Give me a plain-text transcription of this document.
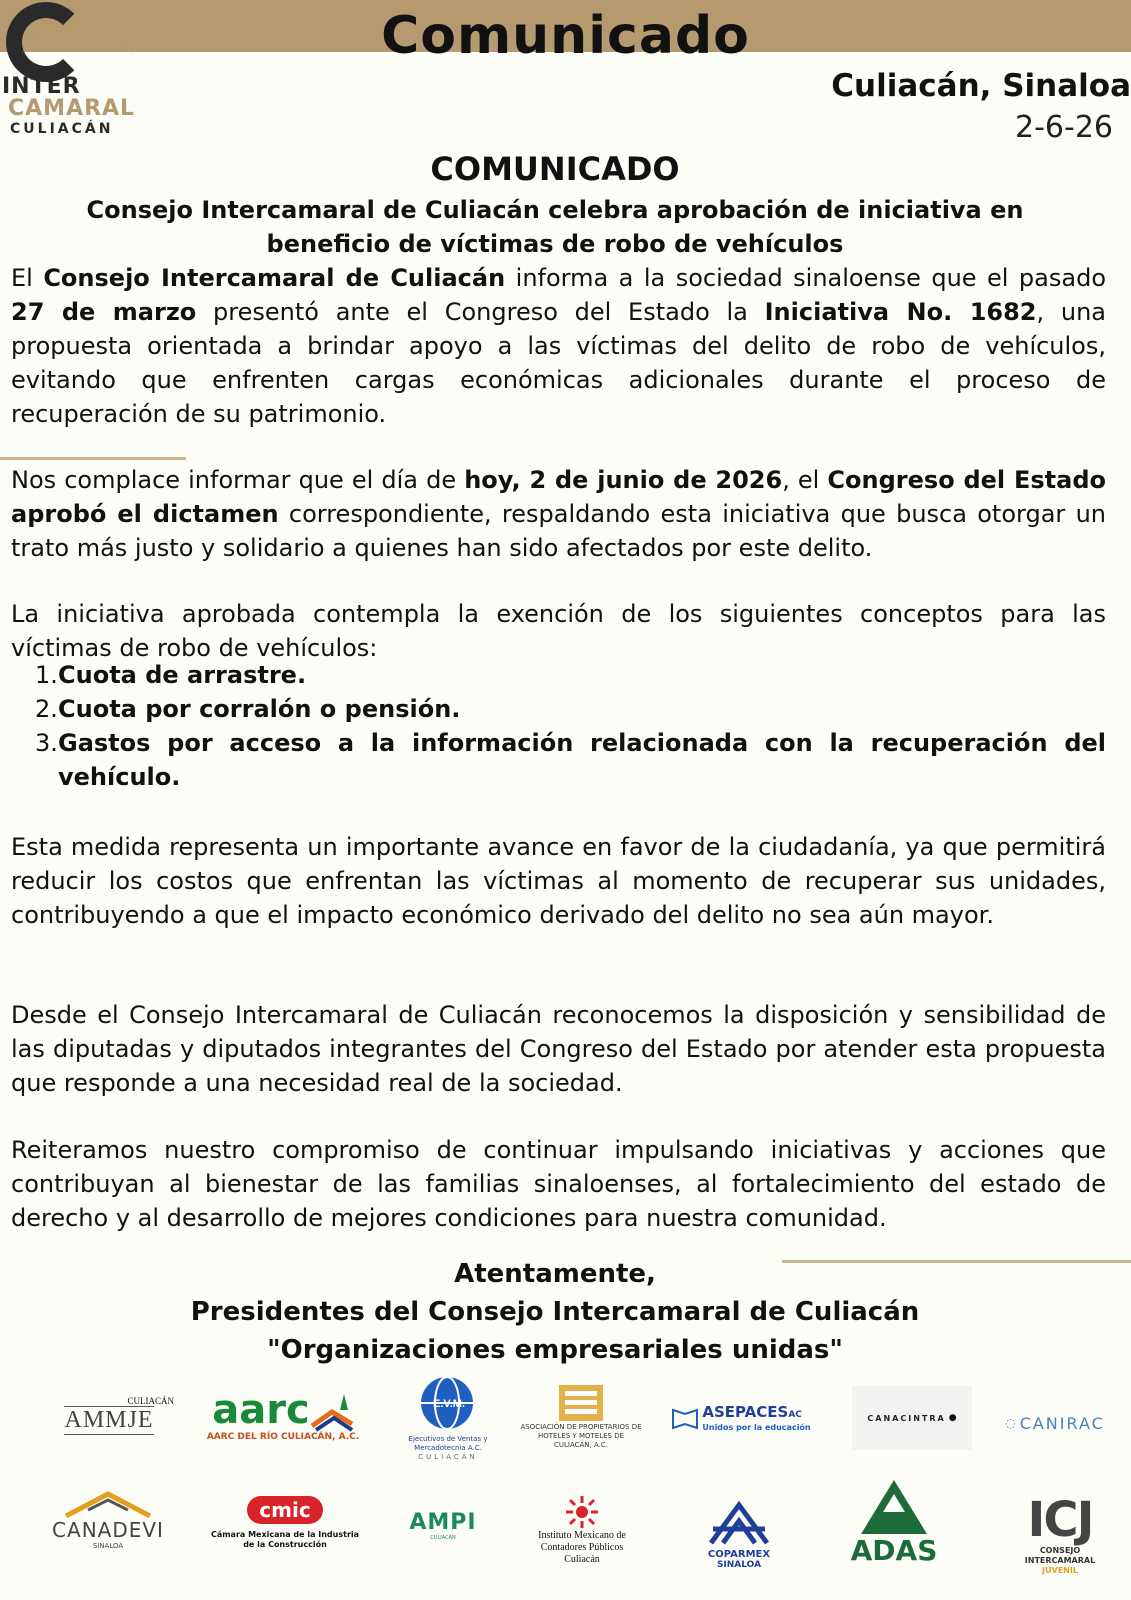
Comunicado
INTER
CAMARAL
CULIACÁN
Culiacán, Sinaloa
2-6-26
COMUNICADO
Consejo Intercamaral de Culiacán celebra aprobación de iniciativa en beneficio de víctimas de robo de vehículos
El Consejo Intercamaral de Culiacán informa a la sociedad sinaloense que el pasado 27 de marzo presentó ante el Congreso del Estado la Iniciativa No. 1682, una propuesta orientada a brindar apoyo a las víctimas del delito de robo de vehículos, evitando que enfrenten cargas económicas adicionales durante el proceso de recuperación de su patrimonio.
Nos complace informar que el día de hoy, 2 de junio de 2026, el Congreso del Estado aprobó el dictamen correspondiente, respaldando esta iniciativa que busca otorgar un trato más justo y solidario a quienes han sido afectados por este delito.
La iniciativa aprobada contempla la exención de los siguientes conceptos para las víctimas de robo de vehículos:
1. Cuota de arrastre.
2. Cuota por corralón o pensión.
3. Gastos por acceso a la información relacionada con la recuperación del vehículo.
Esta medida representa un importante avance en favor de la ciudadanía, ya que permitirá reducir los costos que enfrentan las víctimas al momento de recuperar sus unidades, contribuyendo a que el impacto económico derivado del delito no sea aún mayor.
Desde el Consejo Intercamaral de Culiacán reconocemos la disposición y sensibilidad de las diputadas y diputados integrantes del Congreso del Estado por atender esta propuesta que responde a una necesidad real de la sociedad.
Reiteramos nuestro compromiso de continuar impulsando iniciativas y acciones que contribuyan al bienestar de las familias sinaloenses, al fortalecimiento del estado de derecho y al desarrollo de mejores condiciones para nuestra comunidad.
Atentamente,
Presidentes del Consejo Intercamaral de Culiacán
"Organizaciones empresariales unidas"
CULIACÁN
AMMJE aarc
AARC DEL RÍO CULIACÁN, A.C.
E.V.M.
Ejecutivos de Ventas y Mercadotecnia A.C.
CULIACÁN
ASOCIACIÓN DE PROPIETARIOS DE HOTELES Y MOTELES DE CULIACÁN, A.C.
ASEPACESAC
Unidos por la educación
CANACINTRA ●	◌ CANIRAC
CANADEVI
SINALOA
cmic
Cámara Mexicana de la Industria de la Construcción
AMPI
CULIACÁN	Instituto Mexicano de Contadores Públicos
Culiacán	COPARMEX
SINALOA	ADAS
ICJ
CONSEJO INTERCAMARAL
JUVENIL
